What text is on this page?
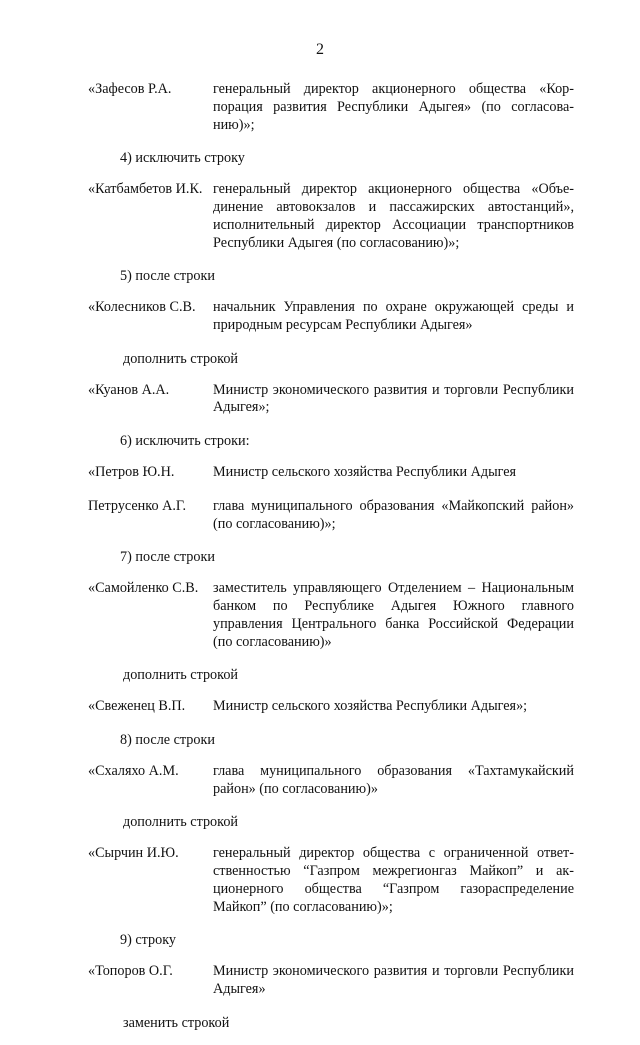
2
«Зафесов Р.А.	генеральный директор акционерного общества «Корпорация развития Республики Адыгея» (по согласованию)»;
4) исключить строку
«Катбамбетов И.К. генеральный директор акционерного общества «Объединение автовокзалов и пассажирских автостанций», исполнительный директор Ассоциации транспортников Республики Адыгея (по согласованию)»;
5) после строки
«Колесников С.В.	начальник Управления по охране окружающей среды и природным ресурсам Республики Адыгея»
дополнить строкой
«Куанов А.А.	Министр экономического развития и торговли Республики Адыгея»;
6) исключить строки:
«Петров Ю.Н.	Министр сельского хозяйства Республики Адыгея
Петрусенко А.Г.	глава муниципального образования «Майкопский район» (по согласованию)»;
7) после строки
«Самойленко С.В.	заместитель управляющего Отделением – Национальным банком по Республике Адыгея Южного главного управления Центрального банка Российской Федерации (по согласованию)»
дополнить строкой
«Свеженец В.П.	Министр сельского хозяйства Республики Адыгея»;
8) после строки
«Схаляхо А.М.	глава муниципального образования «Тахтамукайский район» (по согласованию)»
дополнить строкой
«Сырчин И.Ю.	генеральный директор общества с ограниченной ответственностью “Газпром межрегионгаз Майкоп” и акционерного общества “Газпром газораспределение Майкоп” (по согласованию)»;
9) строку
«Топоров О.Г.	Министр экономического развития и торговли Республики Адыгея»
заменить строкой
